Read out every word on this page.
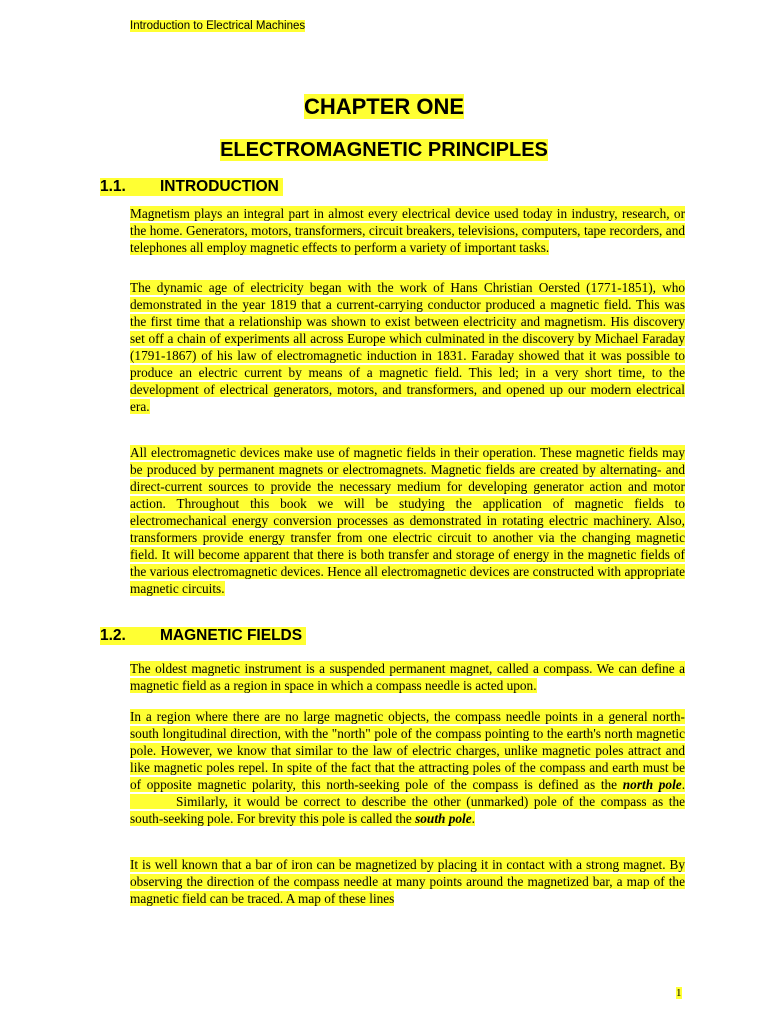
Introduction to Electrical Machines
CHAPTER ONE
ELECTROMAGNETIC PRINCIPLES
1.1.	INTRODUCTION
Magnetism plays an integral part in almost every electrical device used today in industry, research, or the home. Generators, motors, transformers, circuit breakers, televisions, computers, tape recorders, and telephones all employ magnetic effects to perform a variety of important tasks.
The dynamic age of electricity began with the work of Hans Christian Oersted (1771-1851), who demonstrated in the year 1819 that a current-carrying conductor produced a magnetic field. This was the first time that a relationship was shown to exist between electricity and magnetism. His discovery set off a chain of experiments all across Europe which culminated in the discovery by Michael Faraday (1791-1867) of his law of electromagnetic induction in 1831. Faraday showed that it was possible to produce an electric current by means of a magnetic field. This led; in a very short time, to the development of electrical generators, motors, and transformers, and opened up our modern electrical era.
All electromagnetic devices make use of magnetic fields in their operation. These magnetic fields may be produced by permanent magnets or electromagnets. Magnetic fields are created by alternating- and direct-current sources to provide the necessary medium for developing generator action and motor action. Throughout this book we will be studying the application of magnetic fields to electromechanical energy conversion processes as demonstrated in rotating electric machinery. Also, transformers provide energy transfer from one electric circuit to another via the changing magnetic field. It will become apparent that there is both transfer and storage of energy in the magnetic fields of the various electromagnetic devices. Hence all electromagnetic devices are constructed with appropriate magnetic circuits.
1.2.	MAGNETIC FIELDS
The oldest magnetic instrument is a suspended permanent magnet, called a compass. We can define a magnetic field as a region in space in which a compass needle is acted upon.
In a region where there are no large magnetic objects, the compass needle points in a general north-south longitudinal direction, with the "north" pole of the compass pointing to the earth's north magnetic pole. However, we know that similar to the law of electric charges, unlike magnetic poles attract and like magnetic poles repel. In spite of the fact that the attracting poles of the compass and earth must be of opposite magnetic polarity, this north-seeking pole of the compass is defined as the north pole. Similarly, it would be correct to describe the other (unmarked) pole of the compass as the south-seeking pole. For brevity this pole is called the south pole.
It is well known that a bar of iron can be magnetized by placing it in contact with a strong magnet. By observing the direction of the compass needle at many points around the magnetized bar, a map of the magnetic field can be traced. A map of these lines
1
